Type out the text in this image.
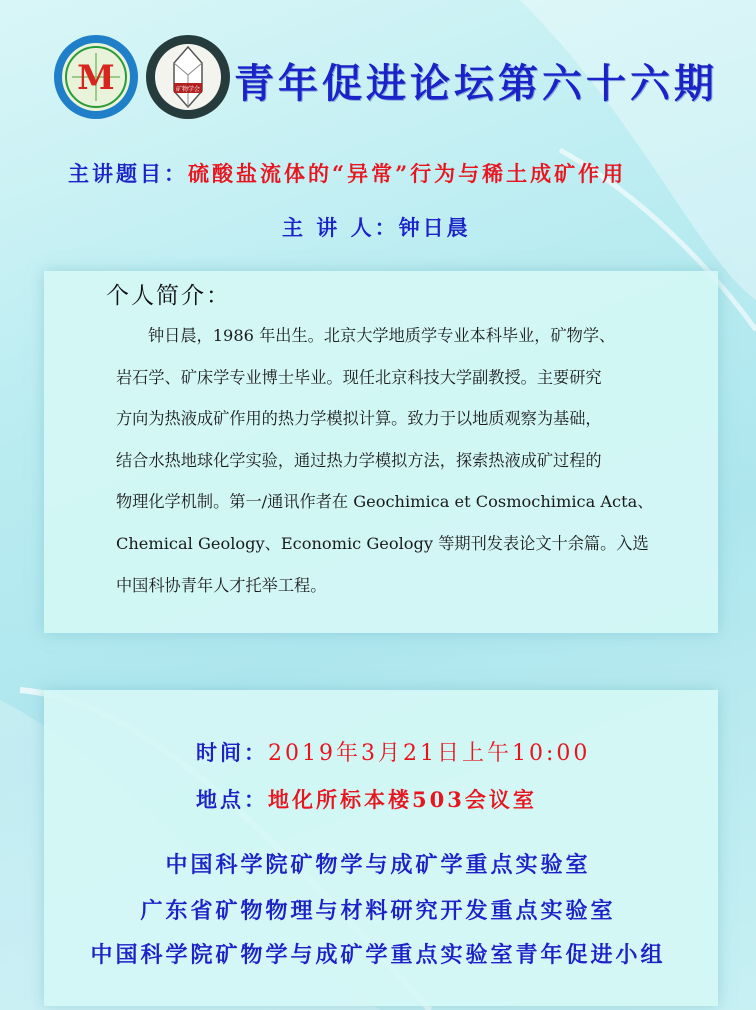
M	矿物学会 青年促进论坛第六十六期
主讲题目：硫酸盐流体的“异常”行为与稀土成矿作用
主 讲 人：钟日晨
个人简介：
钟日晨，1986 年出生。北京大学地质学专业本科毕业，矿物学、
岩石学、矿床学专业博士毕业。现任北京科技大学副教授。主要研究
方向为热液成矿作用的热力学模拟计算。致力于以地质观察为基础，
结合水热地球化学实验，通过热力学模拟方法，探索热液成矿过程的
物理化学机制。第一/通讯作者在 Geochimica et Cosmochimica Acta、
Chemical Geology、Economic Geology 等期刊发表论文十余篇。入选
中国科协青年人才托举工程。
时间：2019年3月21日上午10:00
地点：地化所标本楼503会议室
中国科学院矿物学与成矿学重点实验室
广东省矿物物理与材料研究开发重点实验室
中国科学院矿物学与成矿学重点实验室青年促进小组
